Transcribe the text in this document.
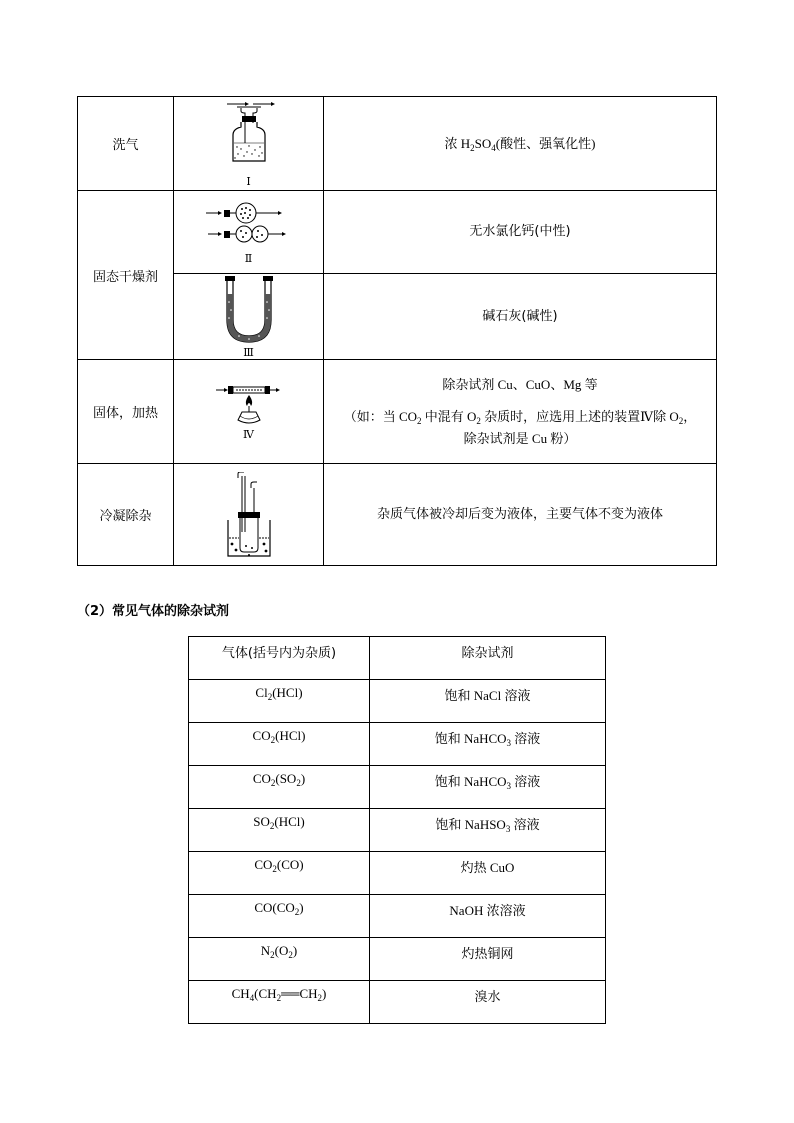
洗气	Ⅰ	浓 $H_2SO_4$(酸性、强氧化性)
固态干燥剂	Ⅱ	无水氯化钙(中性)

	Ⅲ	碱石灰(碱性)
固体，加热	Ⅳ	除杂试剂 Cu、CuO、Mg 等
（如：当 $CO_2$ 中混有 $O_2$ 杂质时，应选用上述的装置Ⅳ除 $O_2$，
除杂试剂是 Cu 粉）

冷凝除杂		杂质气体被冷却后变为液体，主要气体不变为液体
（2）常见气体的除杂试剂
气体(括号内为杂质)	除杂试剂
$Cl_2(HCl)$	饱和 NaCl 溶液
$CO_2(HCl)$	饱和 NaHCO$_3$ 溶液
$CO_2(SO_2)$	饱和 NaHCO$_3$ 溶液
$SO_2(HCl)$	饱和 NaHSO$_3$ 溶液
$CO_2(CO)$	灼热 CuO
$CO(CO_2)$	NaOH 浓溶液
$N_2(O_2)$	灼热铜网
$CH_4(CH_2══CH_2)$	溴水
